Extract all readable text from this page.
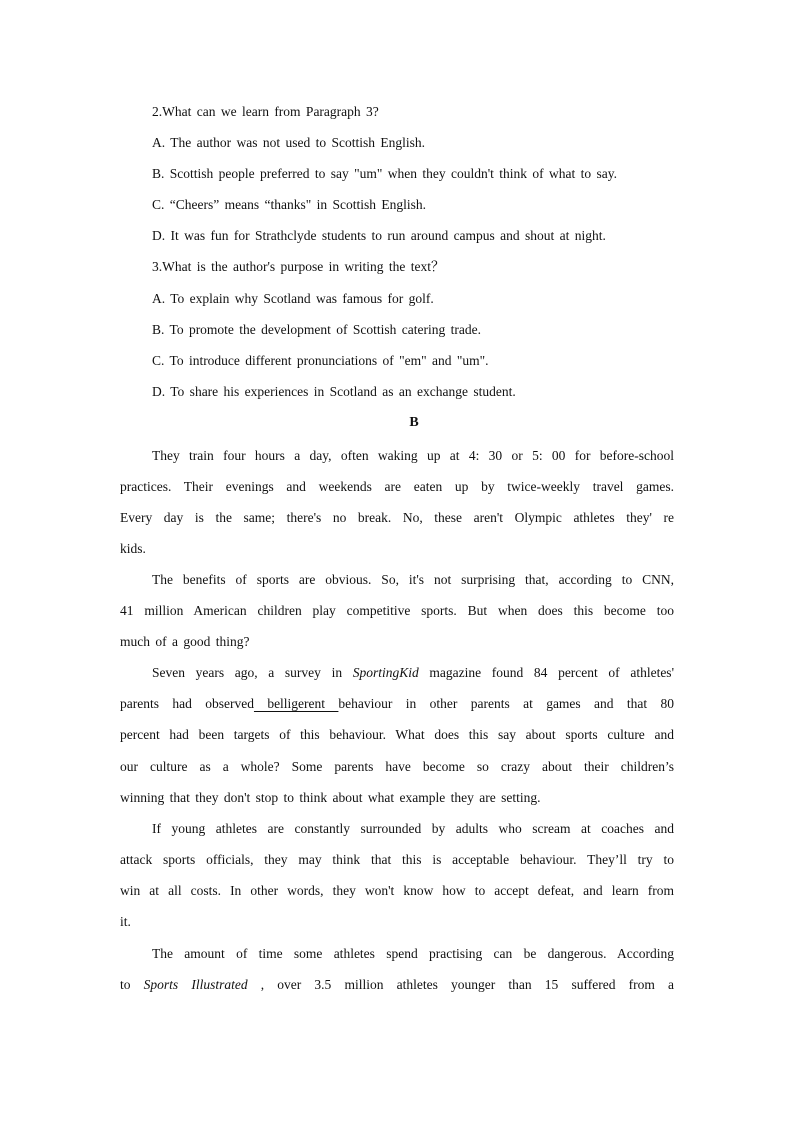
2.What can we learn from Paragraph 3?
A. The author was not used to Scottish English.
B. Scottish people preferred to say "um" when they couldn't think of what to say.
C. “Cheers” means “thanks" in Scottish English.
D. It was fun for Strathclyde students to run around campus and shout at night.
3.What is the author's purpose in writing the text？
A. To explain why Scotland was famous for golf.
B. To promote the development of Scottish catering trade.
C. To introduce different pronunciations of "em" and "um".
D. To share his experiences in Scotland as an exchange student.
B
They train four hours a day, often waking up at 4: 30 or 5: 00 for before-school
practices. Their evenings and weekends are eaten up by twice-weekly travel games.
Every day is the same; there's no break. No, these aren't Olympic athletes they' re
kids.
The benefits of sports are obvious. So, it's not surprising that, according to CNN,
41 million American children play competitive sports. But when does this become too
much of a good thing?
Seven years ago, a survey in SportingKid magazine found 84 percent of athletes'
parents had observed belligerent behaviour in other parents at games and that 80
percent had been targets of this behaviour. What does this say about sports culture and
our culture as a whole? Some parents have become so crazy about their children’s
winning that they don't stop to think about what example they are setting.
If young athletes are constantly surrounded by adults who scream at coaches and
attack sports officials, they may think that this is acceptable behaviour. They’ll try to
win at all costs. In other words, they won't know how to accept defeat, and learn from
it.
The amount of time some athletes spend practising can be dangerous. According
to Sports Illustrated , over 3.5 million athletes younger than 15 suffered from a
